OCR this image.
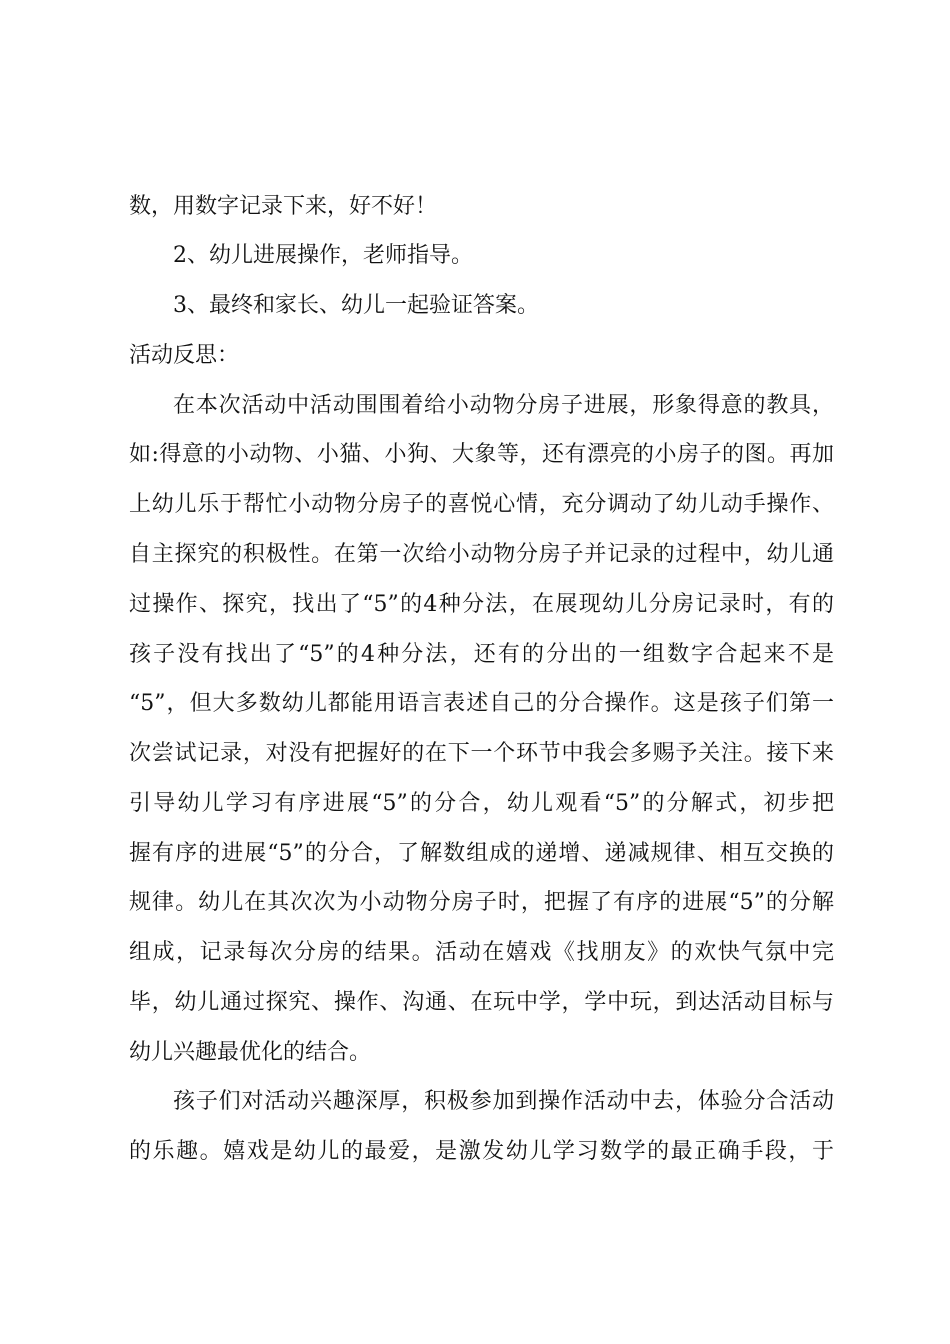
数，用数字记录下来，好不好！
2、幼儿进展操作，老师指导。
3、最终和家长、幼儿一起验证答案。
活动反思：
在本次活动中活动围围着给小动物分房子进展，形象得意的教具，
如:得意的小动物、小猫、小狗、大象等，还有漂亮的小房子的图。再加
上幼儿乐于帮忙小动物分房子的喜悦心情，充分调动了幼儿动手操作、
自主探究的积极性。在第一次给小动物分房子并记录的过程中，幼儿通
过操作、探究，找出了“5”的4种分法，在展现幼儿分房记录时，有的
孩子没有找出了“5”的4种分法，还有的分出的一组数字合起来不是
“5”，但大多数幼儿都能用语言表述自己的分合操作。这是孩子们第一
次尝试记录，对没有把握好的在下一个环节中我会多赐予关注。接下来
引导幼儿学习有序进展“5”的分合，幼儿观看“5”的分解式，初步把
握有序的进展“5”的分合，了解数组成的递增、递减规律、相互交换的
规律。幼儿在其次次为小动物分房子时，把握了有序的进展“5”的分解
组成，记录每次分房的结果。活动在嬉戏《找朋友》的欢快气氛中完
毕，幼儿通过探究、操作、沟通、在玩中学，学中玩，到达活动目标与
幼儿兴趣最优化的结合。
孩子们对活动兴趣深厚，积极参加到操作活动中去，体验分合活动
的乐趣。嬉戏是幼儿的最爱，是激发幼儿学习数学的最正确手段，于
